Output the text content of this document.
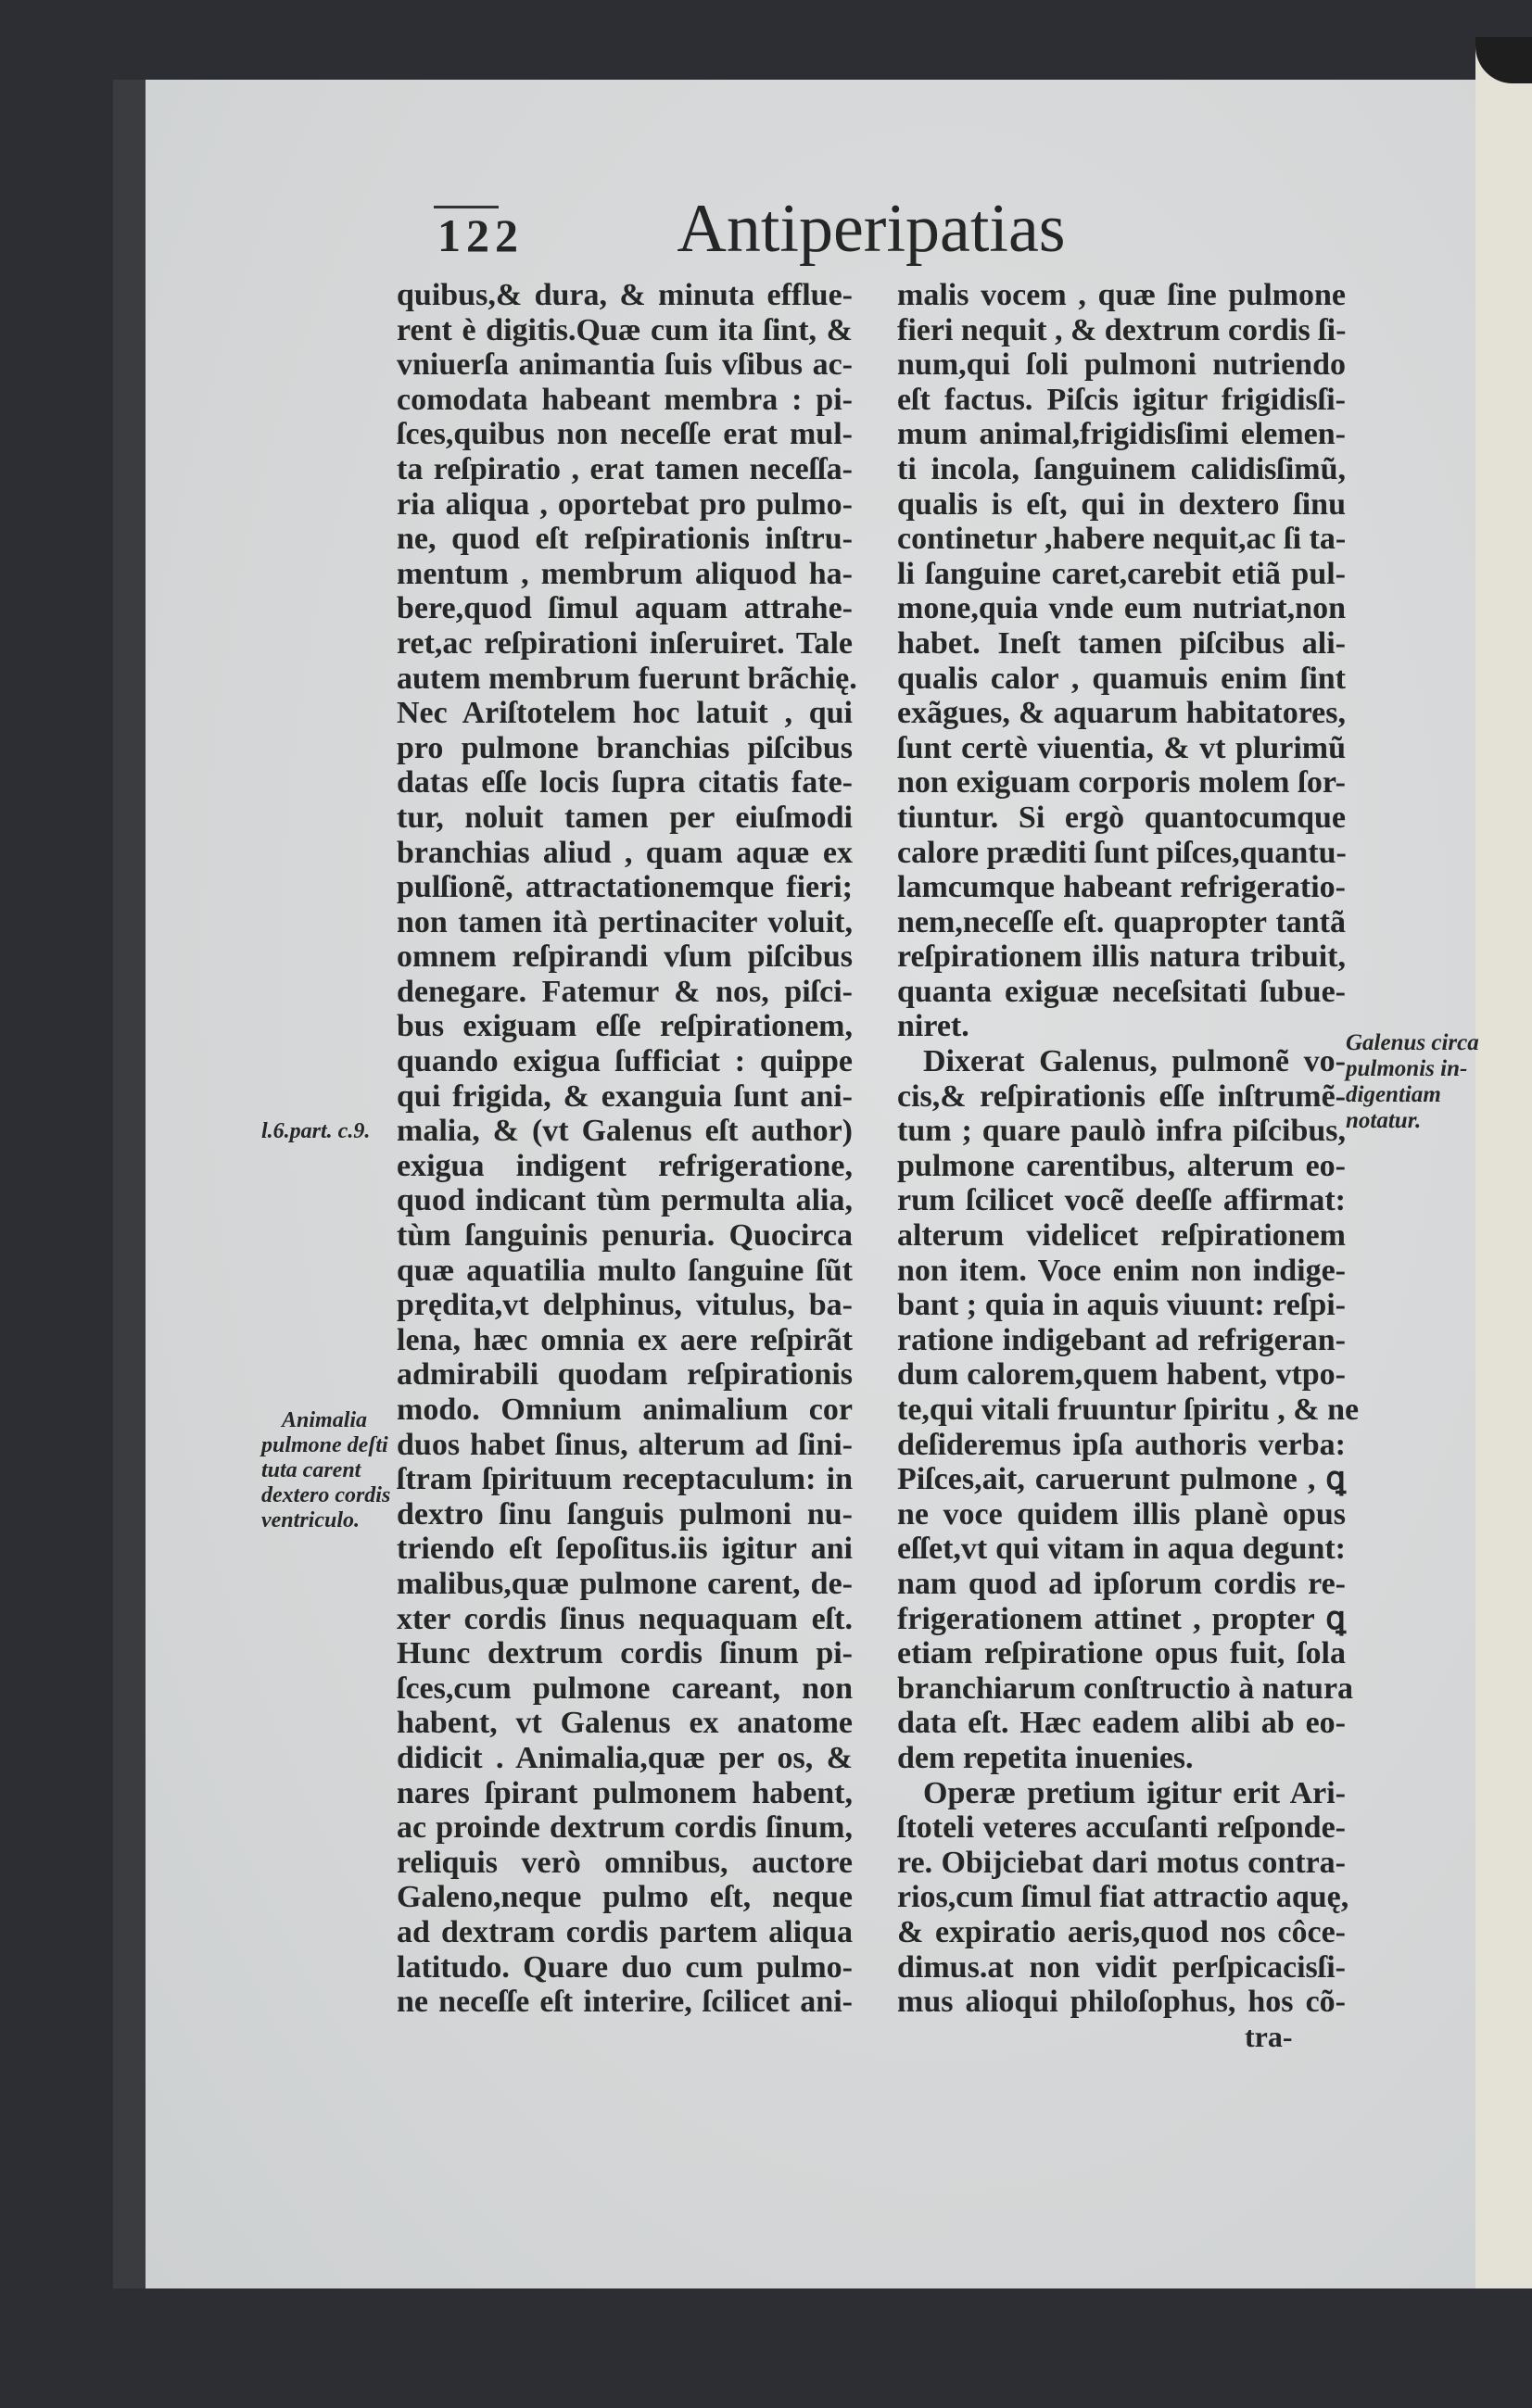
122	Antiperipatias
quibus,& dura, & minuta efflue-
rent è digitis.Quæ cum ita ſint, &
vniuerſa animantia ſuis vſibus ac-
comodata habeant membra : pi-
ſces,quibus non neceſſe erat mul-
ta reſpiratio , erat tamen neceſſa-
ria aliqua , oportebat pro pulmo-
ne, quod eſt reſpirationis inſtru-
mentum , membrum aliquod ha-
bere,quod ſimul aquam attrahe-
ret,ac reſpirationi inſeruiret. Tale
autem membrum fuerunt brãchię.
Nec Ariſtotelem hoc latuit , qui
pro pulmone branchias piſcibus
datas eſſe locis ſupra citatis fate-
tur, noluit tamen per eiuſmodi
branchias aliud , quam aquæ ex
pulſionẽ, attractationemque fieri;
non tamen ità pertinaciter voluit,
omnem reſpirandi vſum piſcibus
denegare. Fatemur & nos, piſci-
bus exiguam eſſe reſpirationem,
quando exigua ſufficiat : quippe
qui frigida, & exanguia ſunt ani-
malia, & (vt Galenus eſt author)
exigua indigent refrigeratione,
quod indicant tùm permulta alia,
tùm ſanguinis penuria. Quocirca
quæ aquatilia multo ſanguine ſũt
prędita,vt delphinus, vitulus, ba-
lena, hæc omnia ex aere reſpirãt
admirabili quodam reſpirationis
modo. Omnium animalium cor
duos habet ſinus, alterum ad ſini-
ſtram ſpirituum receptaculum: in
dextro ſinu ſanguis pulmoni nu-
triendo eſt ſepoſitus.iis igitur ani
malibus,quæ pulmone carent, de-
xter cordis ſinus nequaquam eſt.
Hunc dextrum cordis ſinum pi-
ſces,cum pulmone careant, non
habent, vt Galenus ex anatome
didicit . Animalia,quæ per os, &
nares ſpirant pulmonem habent,
ac proinde dextrum cordis ſinum,
reliquis verò omnibus, auctore
Galeno,neque pulmo eſt, neque
ad dextram cordis partem aliqua
latitudo. Quare duo cum pulmo-
ne neceſſe eſt interire, ſcilicet ani-
malis vocem , quæ ſine pulmone
fieri nequit , & dextrum cordis ſi-
num,qui ſoli pulmoni nutriendo
eſt factus. Piſcis igitur frigidisſi-
mum animal,frigidisſimi elemen-
ti incola, ſanguinem calidisſimũ,
qualis is eſt, qui in dextero ſinu
continetur ,habere nequit,ac ſi ta-
li ſanguine caret,carebit etiã pul-
mone,quia vnde eum nutriat,non
habet. Ineſt tamen piſcibus ali-
qualis calor , quamuis enim ſint
exãgues, & aquarum habitatores,
ſunt certè viuentia, & vt plurimũ
non exiguam corporis molem ſor-
tiuntur. Si ergò quantocumque
calore præditi ſunt piſces,quantu-
lamcumque habeant refrigeratio-
nem,neceſſe eſt. quapropter tantã
reſpirationem illis natura tribuit,
quanta exiguæ neceſsitati ſubue-
niret.
Dixerat Galenus, pulmonẽ vo-
cis,& reſpirationis eſſe inſtrumẽ-
tum ; quare paulò infra piſcibus,
pulmone carentibus, alterum eo-
rum ſcilicet vocẽ deeſſe affirmat:
alterum videlicet reſpirationem
non item. Voce enim non indige-
bant ; quia in aquis viuunt: reſpi-
ratione indigebant ad refrigeran-
dum calorem,quem habent, vtpo-
te,qui vitali fruuntur ſpiritu , & ne
deſideremus ipſa authoris verba:
Piſces,ait, caruerunt pulmone , ꝗ
ne voce quidem illis planè opus
eſſet,vt qui vitam in aqua degunt:
nam quod ad ipſorum cordis re-
frigerationem attinet , propter ꝗ
etiam reſpiratione opus fuit, ſola
branchiarum conſtructio à natura
data eſt. Hæc eadem alibi ab eo-
dem repetita inuenies.
Operæ pretium igitur erit Ari-
ſtoteli veteres accuſanti reſponde-
re. Obijciebat dari motus contra-
rios,cum ſimul fiat attractio aquę,
& expiratio aeris,quod nos côce-
dimus.at non vidit perſpicacisſi-
mus alioqui philoſophus, hos cõ-
tra-
l.6.part. c.9.
Animalia
pulmone deſti
tuta carent
dextero cordis
ventriculo.
Galenus circa
pulmonis in-
digentiam
notatur.
